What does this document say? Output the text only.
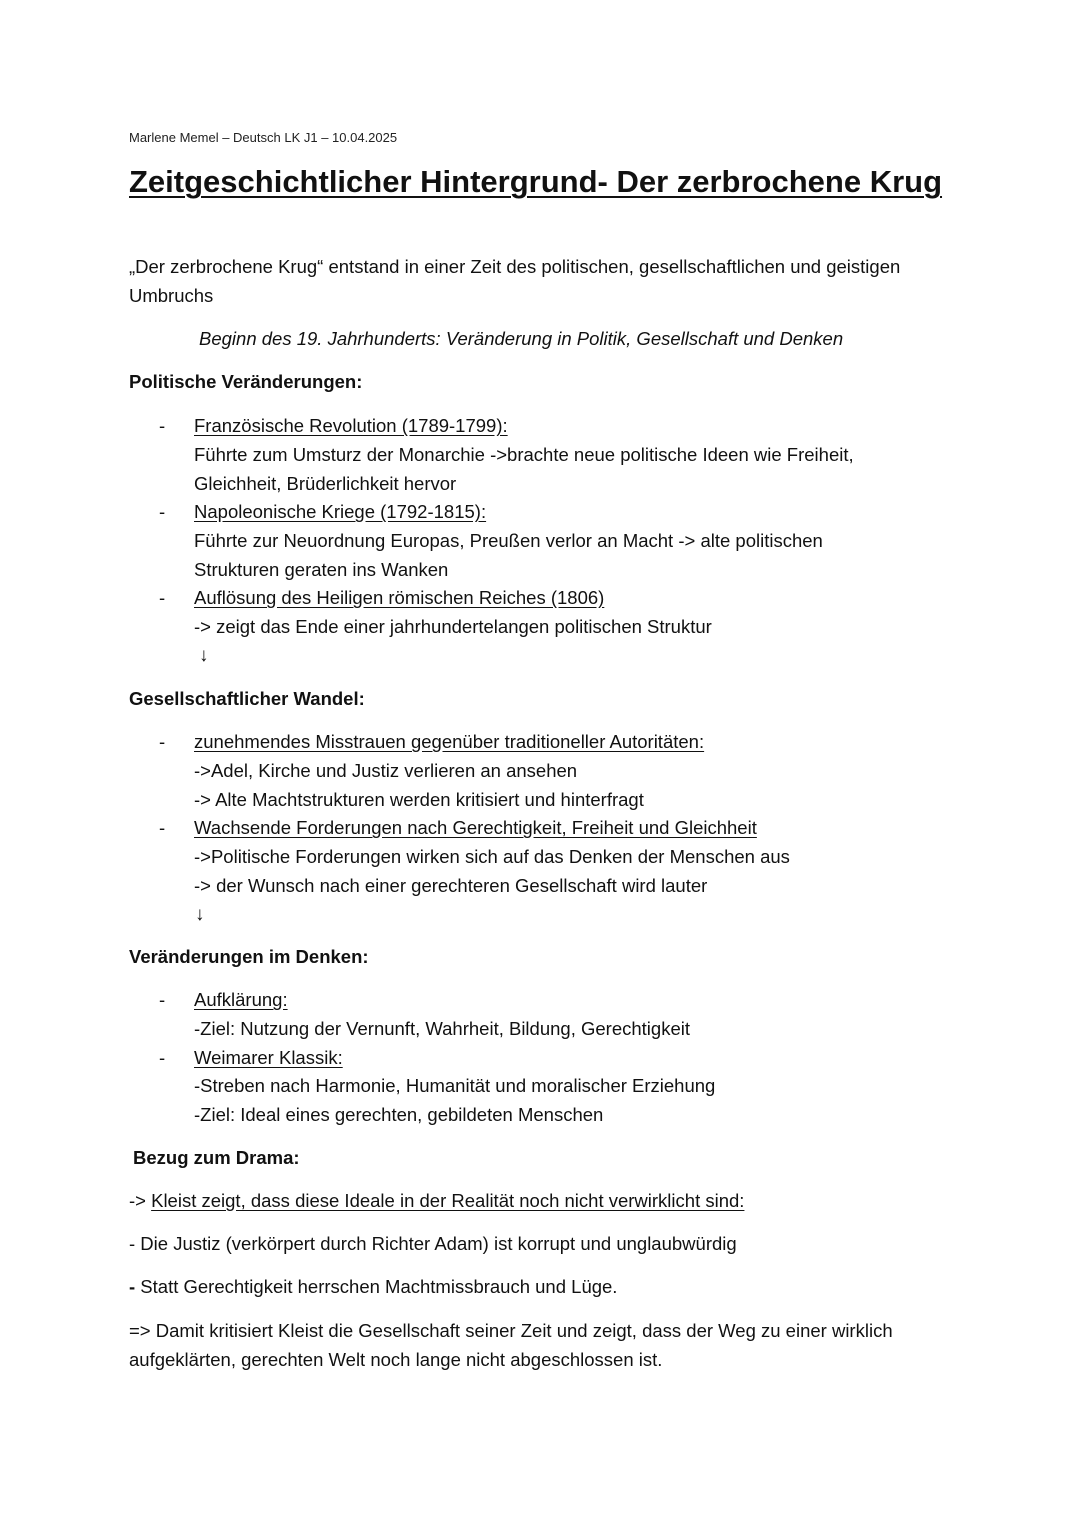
Marlene Memel – Deutsch LK J1 – 10.04.2025
Zeitgeschichtlicher Hintergrund- Der zerbrochene Krug
„Der zerbrochene Krug“ entstand in einer Zeit des politischen, gesellschaftlichen und geistigen Umbruchs
Beginn des 19. Jahrhunderts: Veränderung in Politik, Gesellschaft und Denken
Politische Veränderungen:
- Französische Revolution (1789-1799):
Führte zum Umsturz der Monarchie ->brachte neue politische Ideen wie Freiheit,
Gleichheit, Brüderlichkeit hervor
- Napoleonische Kriege (1792-1815):
Führte zur Neuordnung Europas, Preußen verlor an Macht -> alte politischen
Strukturen geraten ins Wanken
- Auflösung des Heiligen römischen Reiches (1806)
-> zeigt das Ende einer jahrhundertelangen politischen Struktur
↓
Gesellschaftlicher Wandel:
- zunehmendes Misstrauen gegenüber traditioneller Autoritäten:
->Adel, Kirche und Justiz verlieren an ansehen
-> Alte Machtstrukturen werden kritisiert und hinterfragt
- Wachsende Forderungen nach Gerechtigkeit, Freiheit und Gleichheit
->Politische Forderungen wirken sich auf das Denken der Menschen aus
-> der Wunsch nach einer gerechteren Gesellschaft wird lauter
↓
Veränderungen im Denken:
- Aufklärung:
-Ziel: Nutzung der Vernunft, Wahrheit, Bildung, Gerechtigkeit
- Weimarer Klassik:
-Streben nach Harmonie, Humanität und moralischer Erziehung
-Ziel: Ideal eines gerechten, gebildeten Menschen
Bezug zum Drama:
-> Kleist zeigt, dass diese Ideale in der Realität noch nicht verwirklicht sind:
- Die Justiz (verkörpert durch Richter Adam) ist korrupt und unglaubwürdig
- Statt Gerechtigkeit herrschen Machtmissbrauch und Lüge.
=> Damit kritisiert Kleist die Gesellschaft seiner Zeit und zeigt, dass der Weg zu einer wirklich aufgeklärten, gerechten Welt noch lange nicht abgeschlossen ist.
